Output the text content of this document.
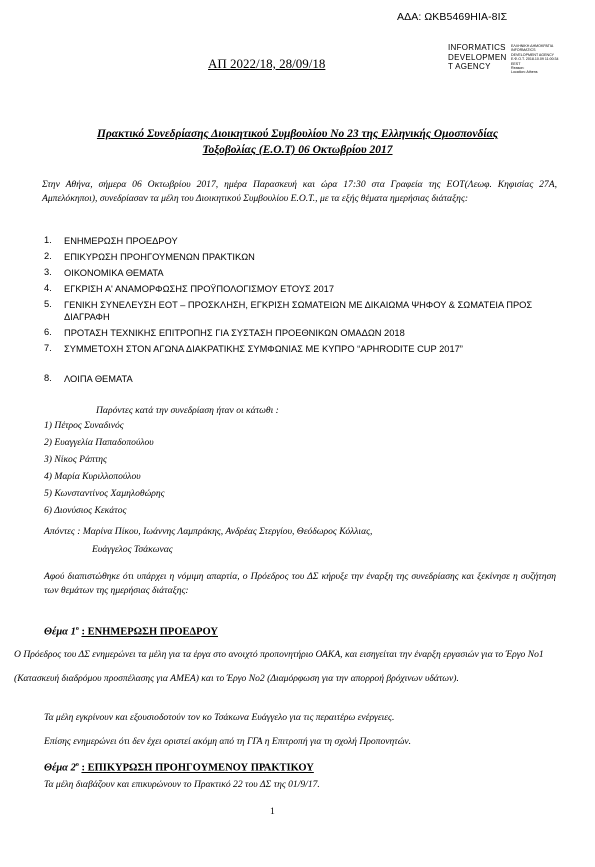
ΑΔΑ: ΩΚΒ5469ΗΙΑ-8ΙΣ
ΑΠ 2022/18, 28/09/18
INFORMATICS
DEVELOPMEN
T AGENCY
ΕΛΛΗΝΙΚΗ ΔΗΜΟΚΡΑΤΙΑ
INFORMATICS
DEVELOPMENT AGENCY
Ε.Φ.Ο.Τ. 2018.10.09 11:00:34
EEST
Reason:
Location: Athens
Πρακτικό Συνεδρίασης Διοικητικού Συμβουλίου Νο 23 της Ελληνικής Ομοσπονδίας
Τοξοβολίας (Ε.Ο.Τ) 06 Οκτωβρίου 2017
Στην Αθήνα, σήμερα 06 Οκτωβρίου 2017, ημέρα Παρασκευή και ώρα 17:30 στα Γραφεία της ΕΟΤ(Λεωφ. Κηφισίας 27Α, Αμπελόκηποι), συνεδρίασαν τα μέλη του Διοικητικού Συμβουλίου Ε.Ο.Τ., με τα εξής θέματα ημερήσιας διάταξης:
1. ΕΝΗΜΕΡΩΣΗ ΠΡΟΕΔΡΟΥ
2. ΕΠΙΚΥΡΩΣΗ ΠΡΟΗΓΟΥΜΕΝΩΝ ΠΡΑΚΤΙΚΩΝ
3. ΟΙΚΟΝΟΜΙΚΑ ΘΕΜΑΤΑ
4. ΕΓΚΡΙΣΗ Α' ΑΝΑΜΟΡΦΩΣΗΣ ΠΡΟΫΠΟΛΟΓΙΣΜΟΥ ΕΤΟΥΣ 2017
5. ΓΕΝΙΚΗ ΣΥΝΕΛΕΥΣΗ ΕΟΤ – ΠΡΟΣΚΛΗΣΗ, ΕΓΚΡΙΣΗ ΣΩΜΑΤΕΙΩΝ ΜΕ ΔΙΚΑΙΩΜΑ ΨΗΦΟΥ & ΣΩΜΑΤΕΙΑ ΠΡΟΣ ΔΙΑΓΡΑΦΗ
6. ΠΡΟΤΑΣΗ ΤΕΧΝΙΚΗΣ ΕΠΙΤΡΟΠΗΣ ΓΙΑ ΣΥΣΤΑΣΗ ΠΡΟΕΘΝΙΚΩΝ ΟΜΑΔΩΝ 2018
7. ΣΥΜΜΕΤΟΧΗ ΣΤΟΝ ΑΓΩΝΑ ΔΙΑΚΡΑΤΙΚΗΣ ΣΥΜΦΩΝΙΑΣ ΜΕ ΚΥΠΡΟ “APHRODITE CUP 2017”
8. ΛΟΙΠΑ ΘΕΜΑΤΑ
Παρόντες κατά την συνεδρίαση ήταν οι κάτωθι :
1) Πέτρος Συναδινός
2) Ευαγγελία Παπαδοπούλου
3) Νίκος Ράπτης
4) Μαρία Κυριλλοπούλου
5) Κωνσταντίνος Χαμηλοθώρης
6) Διονύσιος Κεκάτος
Απόντες : Μαρίνα Πίκου, Ιωάννης Λαμπράκης, Ανδρέας Στεργίου, Θεόδωρος Κόλλιας,
Ευάγγελος Τσάκωνας
Αφού διαπιστώθηκε ότι υπάρχει η νόμιμη απαρτία, ο Πρόεδρος του ΔΣ κήρυξε την έναρξη της συνεδρίασης και ξεκίνησε η συζήτηση των θεμάτων της ημερήσιας διάταξης:
Θέμα $1^o$ : ΕΝΗΜΕΡΩΣΗ ΠΡΟΕΔΡΟΥ
Ο Πρόεδρος του ΔΣ ενημερώνει τα μέλη για τα έργα στο ανοιχτό προπονητήριο ΟΑΚΑ, και εισηγείται την έναρξη εργασιών για το Έργο Νο1 (Κατασκευή διαδρόμου προσπέλασης για ΑΜΕΑ) και το Έργο Νο2 (Διαμόρφωση για την απορροή βρόχινων υδάτων).
Τα μέλη εγκρίνουν και εξουσιοδοτούν τον κο Τσάκωνα Ευάγγελο για τις περαιτέρω ενέργειες.
Επίσης ενημερώνει ότι δεν έχει οριστεί ακόμη από τη ΓΓΑ η Επιτροπή για τη σχολή Προπονητών.
Θέμα $2^o$ : ΕΠΙΚΥΡΩΣΗ ΠΡΟΗΓΟΥΜΕΝΟΥ ΠΡΑΚΤΙΚΟΥ
Τα μέλη διαβάζουν και επικυρώνουν το Πρακτικό 22 του ΔΣ της 01/9/17.
1
